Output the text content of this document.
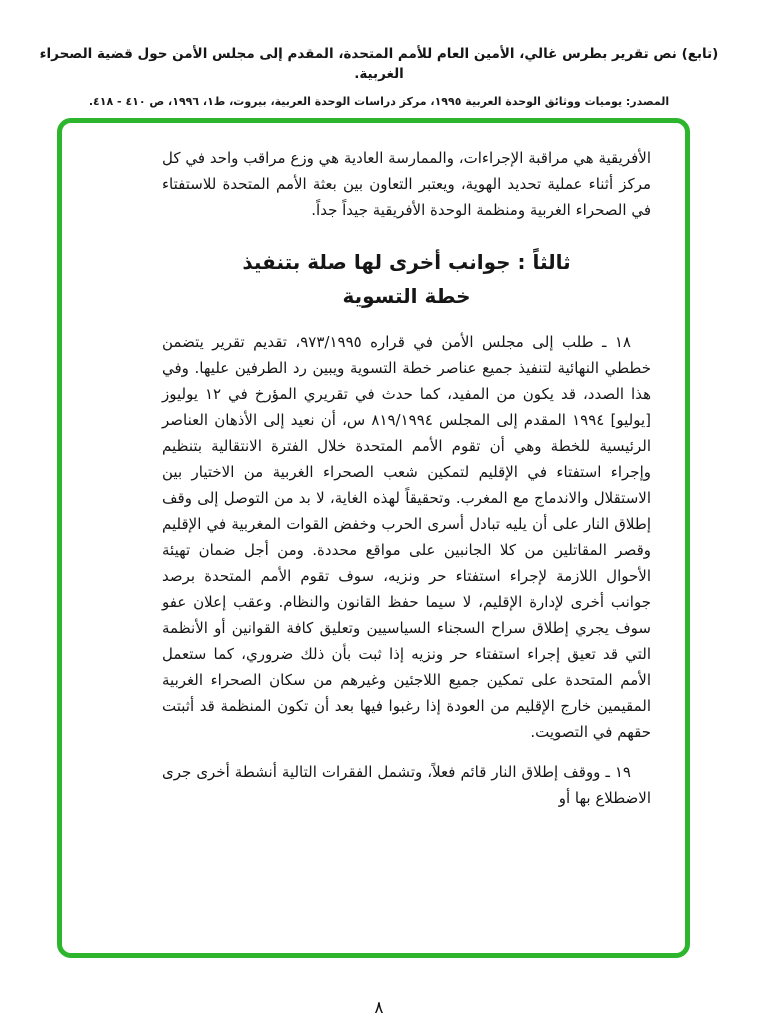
(تابع) نص تقرير بطرس غالي، الأمين العام للأمم المتحدة، المقدم إلى مجلس الأمن حول قضية الصحراء الغربية.
المصدر: يوميات ووثائق الوحدة العربية ١٩٩٥، مركز دراسات الوحدة العربية، بيروت، ط١، ١٩٩٦، ص ٤١٠ - ٤١٨.

الأفريقية هي مراقبة الإجراءات، والممارسة العادية هي وزع مراقب واحد في كل مركز أثناء عملية تحديد الهوية، ويعتبر التعاون بين بعثة الأمم المتحدة للاستفتاء في الصحراء الغربية ومنظمة الوحدة الأفريقية جيداً جداً.

ثالثاً : جوانب أخرى لها صلة بتنفيذ
خطة التسوية

١٨ ـ طلب إلى مجلس الأمن في قراره ٩٧٣/١٩٩٥، تقديم تقرير يتضمن خططي النهائية لتنفيذ جميع عناصر خطة التسوية ويبين رد الطرفين عليها. وفي هذا الصدد، قد يكون من المفيد، كما حدث في تقريري المؤرخ في ١٢ يوليوز [يوليو] ١٩٩٤ المقدم إلى المجلس ٨١٩/١٩٩٤ س، أن نعيد إلى الأذهان العناصر الرئيسية للخطة وهي أن تقوم الأمم المتحدة خلال الفترة الانتقالية بتنظيم وإجراء استفتاء في الإقليم لتمكين شعب الصحراء الغربية من الاختيار بين الاستقلال والاندماج مع المغرب. وتحقيقاً لهذه الغاية، لا بد من التوصل إلى وقف إطلاق النار على أن يليه تبادل أسرى الحرب وخفض القوات المغربية في الإقليم وقصر المقاتلين من كلا الجانبين على مواقع محددة. ومن أجل ضمان تهيئة الأحوال اللازمة لإجراء استفتاء حر ونزيه، سوف تقوم الأمم المتحدة برصد جوانب أخرى لإدارة الإقليم، لا سيما حفظ القانون والنظام. وعقب إعلان عفو سوف يجري إطلاق سراح السجناء السياسيين وتعليق كافة القوانين أو الأنظمة التي قد تعيق إجراء استفتاء حر ونزيه إذا ثبت بأن ذلك ضروري، كما ستعمل الأمم المتحدة على تمكين جميع اللاجئين وغيرهم من سكان الصحراء الغربية المقيمين خارج الإقليم من العودة إذا رغبوا فيها بعد أن تكون المنظمة قد أثبتت حقهم في التصويت.

١٩ ـ ووقف إطلاق النار قائم فعلاً، وتشمل الفقرات التالية أنشطة أخرى جرى الاضطلاع بها أو

٨
